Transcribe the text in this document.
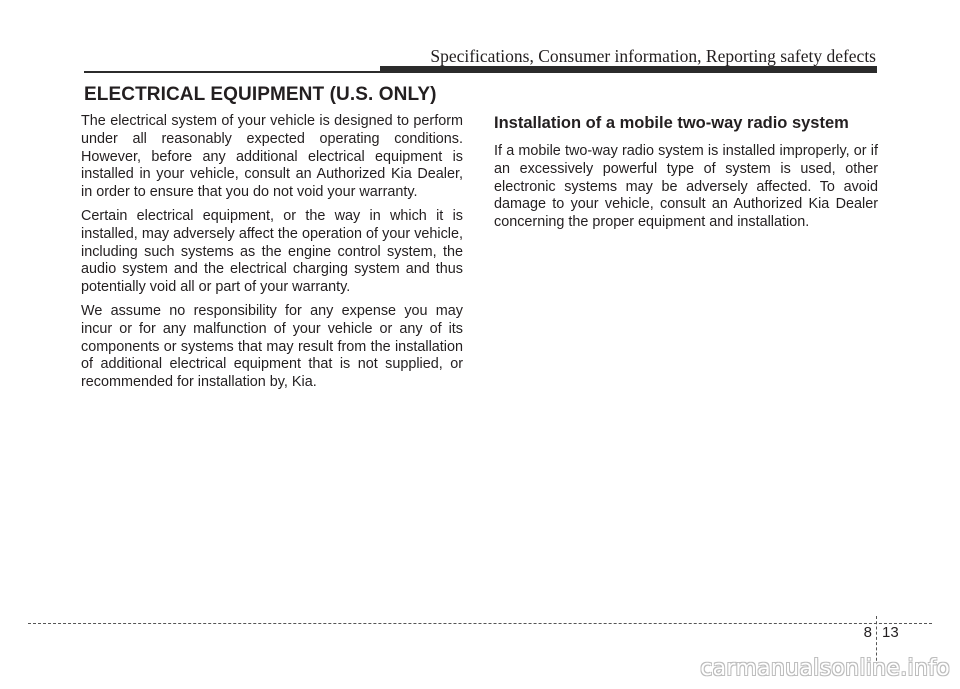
Specifications, Consumer information, Reporting safety defects
ELECTRICAL EQUIPMENT (U.S. ONLY)

The electrical system of your vehicle is designed to perform under all reasonably expected operating conditions. However, before any additional electrical equipment is installed in your vehicle, consult an Authorized Kia Dealer, in order to ensure that you do not void your warranty.

Certain electrical equipment, or the way in which it is installed, may adversely affect the operation of your vehicle, including such systems as the engine control system, the audio system and the electrical charging system and thus potentially void all or part of your warranty.

We assume no responsibility for any expense you may incur or for any malfunction of your vehicle or any of its components or systems that may result from the installation of additional electrical equipment that is not supplied, or recommended for installation by, Kia.

Installation of a mobile two-way radio system

If a mobile two-way radio system is installed improperly, or if an excessively powerful type of system is used, other electronic systems may be adversely affected. To avoid damage to your vehicle, consult an Authorized Kia Dealer concerning the proper equipment and installation.

8 13
carmanualsonline.info
